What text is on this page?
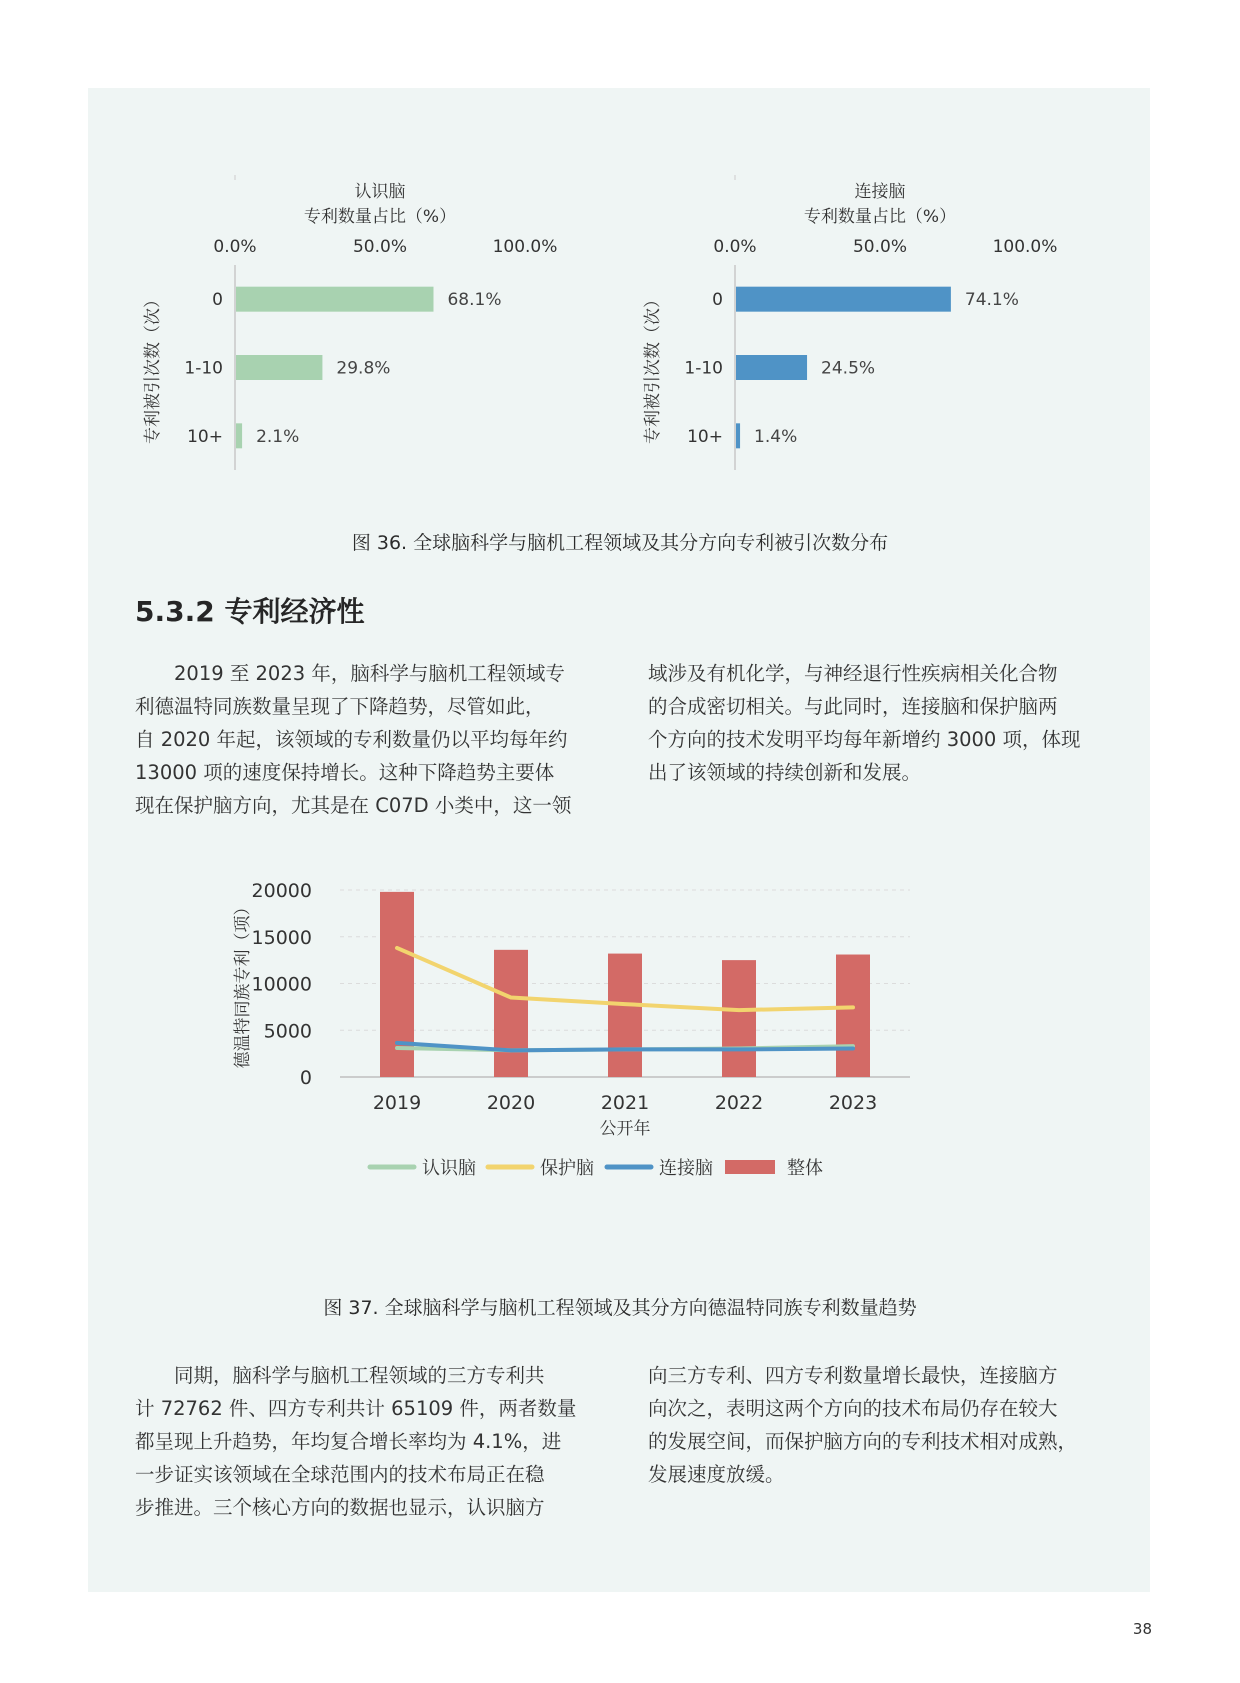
认识脑
专利数量占比（%）
0.0%	50.0%	100.0%
0	68.1%
1-10	29.8%
10+ 2.1%
专利被引次数（次）
连接脑
专利数量占比（%）
0.0%	50.0%	100.0%
0	74.1%
1-10	24.5%
10+ 1.4%
专利被引次数（次）
图 36. 全球脑科学与脑机工程领域及其分方向专利被引次数分布
5.3.2 专利经济性

2019 至 2023 年，脑科学与脑机工程领域专

利德温特同族数量呈现了下降趋势，尽管如此，

自 2020 年起，该领域的专利数量仍以平均每年约

13000 项的速度保持增长。这种下降趋势主要体

现在保护脑方向，尤其是在 C07D 小类中，这一领

域涉及有机化学，与神经退行性疾病相关化合物

的合成密切相关。与此同时，连接脑和保护脑两

个方向的技术发明平均每年新增约 3000 项，体现

出了该领域的持续创新和发展。

0
5000
10000
15000
20000
2019	2020	2021	2022	2023
公开年
德温特同族专利（项）
认识脑	保护脑	连接脑	整体
图 37. 全球脑科学与脑机工程领域及其分方向德温特同族专利数量趋势

同期，脑科学与脑机工程领域的三方专利共

计 72762 件、四方专利共计 65109 件，两者数量

都呈现上升趋势，年均复合增长率均为 4.1%，进

一步证实该领域在全球范围内的技术布局正在稳

步推进。三个核心方向的数据也显示，认识脑方

向三方专利、四方专利数量增长最快，连接脑方

向次之，表明这两个方向的技术布局仍存在较大

的发展空间，而保护脑方向的专利技术相对成熟，

发展速度放缓。

38
